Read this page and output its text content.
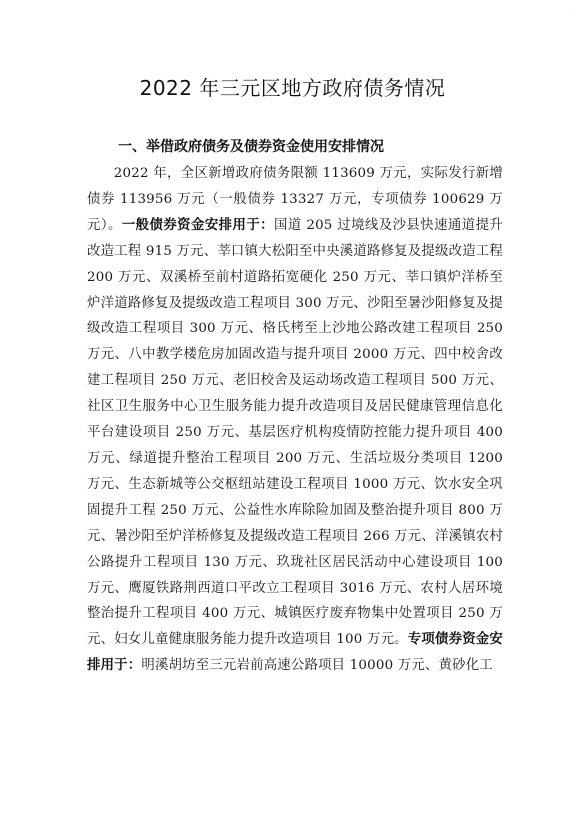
·
2022 年三元区地方政府债务情况
一、举借政府债务及债券资金使用安排情况

2022 年，全区新增政府债务限额 113609 万元，实际发行新增债券 113956 万元（一般债券 13327 万元，专项债券 100629 万元）。一般债券资金安排用于：国道 205 过境线及沙县快速通道提升改造工程 915 万元、莘口镇大松阳至中央溪道路修复及提级改造工程 200 万元、双溪桥至前村道路拓宽硬化 250 万元、莘口镇炉洋桥至炉洋道路修复及提级改造工程项目 300 万元、沙阳至暑沙阳修复及提级改造工程项目 300 万元、格氏栲至上沙地公路改建工程项目 250 万元、八中教学楼危房加固改造与提升项目 2000 万元、四中校舍改建工程项目 250 万元、老旧校舍及运动场改造工程项目 500 万元、社区卫生服务中心卫生服务能力提升改造项目及居民健康管理信息化平台建设项目 250 万元、基层医疗机构疫情防控能力提升项目 400 万元、绿道提升整治工程项目 200 万元、生活垃圾分类项目 1200 万元、生态新城等公交枢纽站建设工程项目 1000 万元、饮水安全巩固提升工程 250 万元、公益性水库除险加固及整治提升项目 800 万元、暑沙阳至炉洋桥修复及提级改造工程项目 266 万元、洋溪镇农村公路提升工程项目 130 万元、玖珑社区居民活动中心建设项目 100 万元、鹰厦铁路荆西道口平改立工程项目 3016 万元、农村人居环境整治提升工程项目 400 万元、城镇医疗废弃物集中处置项目 250 万元、妇女儿童健康服务能力提升改造项目 100 万元。专项债券资金安排用于：明溪胡坊至三元岩前高速公路项目 10000 万元、黄砂化工
